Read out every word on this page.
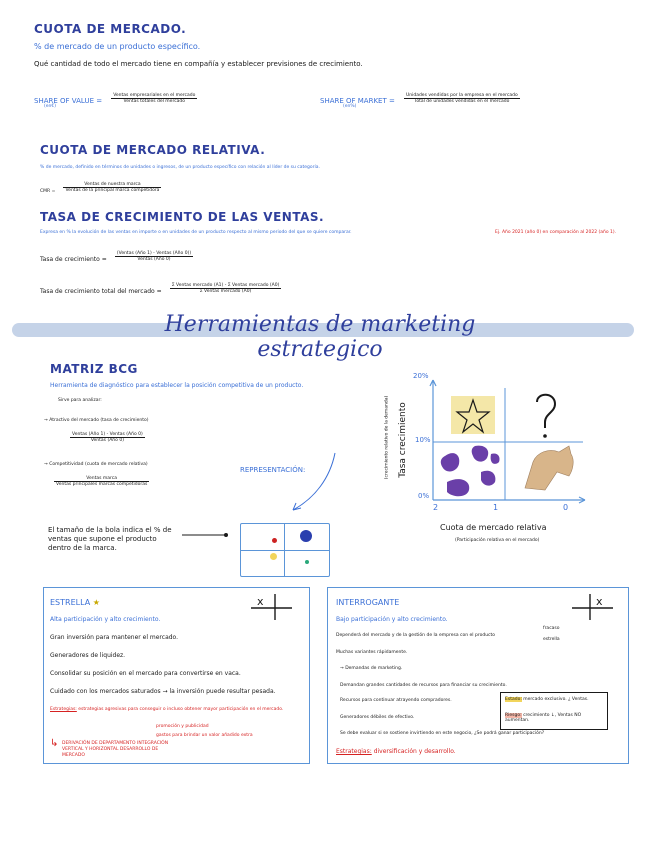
CUOTA DE MERCADO.
% de mercado de un producto específico.
Qué cantidad de todo el mercado tiene en compañía y establecer previsiones de crecimiento.
SHARE OF VALUE = $\frac{\text{Ventas empresariales en el mercado}}{\text{Ventas totales del mercado}}$
(en€)
SHARE OF MARKET = $\frac{\text{Unidades vendidas por la empresa en el mercado}}{\text{Total de unidades vendidas en el mercado}}$
(en%)
CUOTA DE MERCADO RELATIVA.
% de mercado, definido en términos de unidades o ingresos, de un producto específico con relación al líder de su categoría.
CMR = $\frac{\text{Ventas de nuestra marca}}{\text{Ventas de la principal marca competidora}}$
TASA DE CRECIMIENTO DE LAS VENTAS.
Expresa en % la evolución de las ventas en importe o en unidades de un producto respecto al mismo periodo del que se quiere comparar.	Ej. Año 2021 (año 0) en comparación al 2022 (año 1).
Tasa de crecimiento = $\frac{\text{(Ventas (Año 1) - Ventas (Año 0))}}{\text{Ventas (Año 0)}}$
Tasa de crecimiento total del mercado = $\frac{\text{Σ Ventas mercado (A1) - Σ Ventas mercado (A0)}}{\text{Σ Ventas mercado (A0)}}$
Herramientas de marketing estrategico
MATRIZ BCG
Herramienta de diagnóstico para establecer la posición competitiva de un producto.
Sirve para analizar:
→ Atractivo del mercado (tasa de crecimiento)
Ventas (Año 1) - Ventas (Año 0)
Ventas (Año 0)
→ Competitividad (cuota de mercado relativa)
Ventas marca
Ventas principales marcas competidoras
REPRESENTACIÓN:
El tamaño de la bola indica el % de ventas que supone el producto dentro de la marca.
(crecimiento relativo de la demanda) Tasa crecimiento
20%
10%
0%
2	1	0
Cuota de mercado relativa
(Participación relativa en el mercado)
ESTRELLA ★	x
Alta participación y alto crecimiento.
Gran inversión para mantener el mercado.
Generadores de liquidez.
Consolidar su posición en el mercado para convertirse en vaca.
Cuidado con los mercados saturados → la inversión puede resultar pesada.
Estrategias: estrategias agresivas para conseguir o incluso obtener mayor participación en el mercado.
promoción y publicidad
gastos para brindar un valor añadido extra
↳ DERIVACIÓN DE DEPARTAMENTO INTEGRACIÓN VERTICAL Y HORIZONTAL DESARROLLO DE MERCADO
INTERROGANTE	x
Bajo participación y alto crecimiento.
Dependerá del mercado y de la gestión de la empresa con el producto
fracaso
estrella
Muchas variantes rápidamente.
→ Demandas de marketing.
Demandan grandes cantidades de recursos para financiar su crecimiento.
Recursos para continuar atrayendo compradores.
Generadores débiles de efectivo.
Se debe evaluar si se sostiene invirtiendo en este negocio, ¿Se podrá ganar participación?
Estado: mercado exclusivo. ¿ Ventas.
Riesgo: crecimiento ↓, Ventas NO aumentan.
Estrategias: diversificación y desarrollo.
